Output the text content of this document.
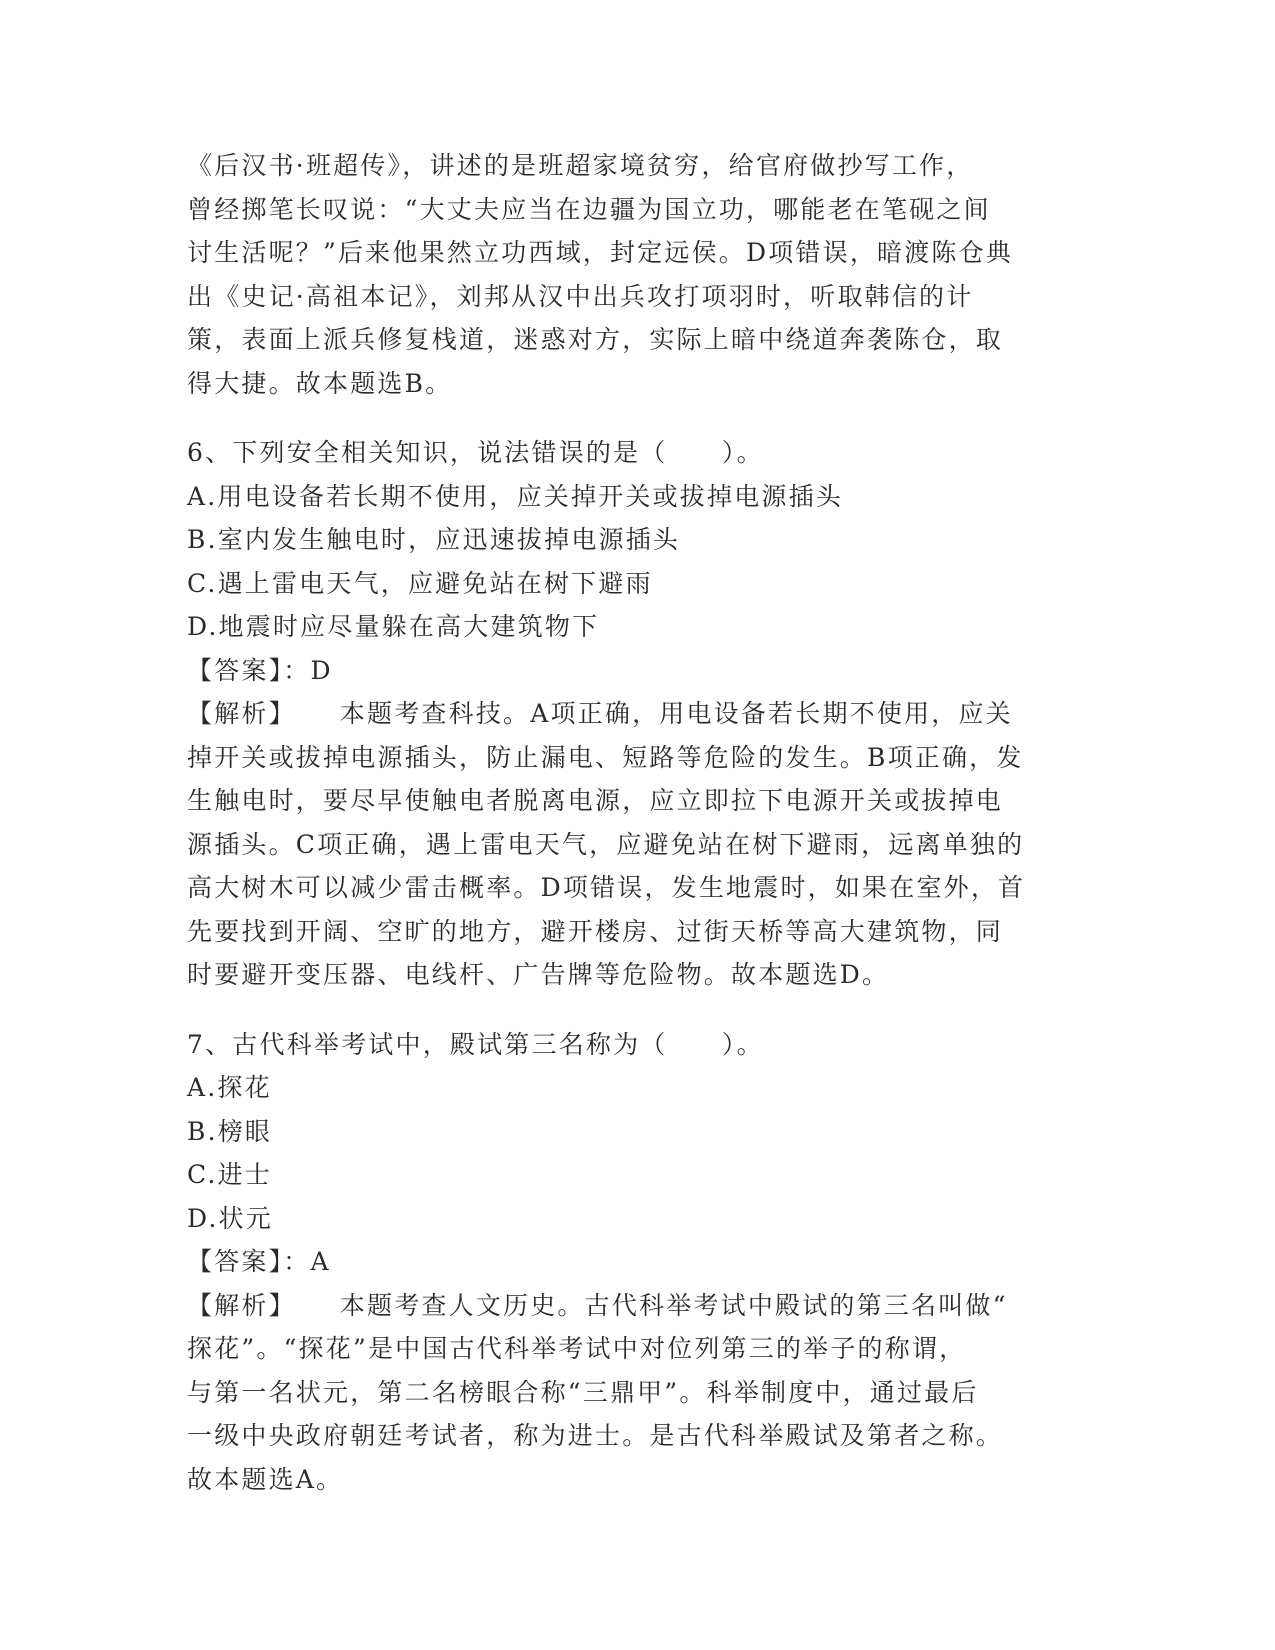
《后汉书·班超传》，讲述的是班超家境贫穷，给官府做抄写工作，
曾经掷笔长叹说：“大丈夫应当在边疆为国立功，哪能老在笔砚之间
讨生活呢？”后来他果然立功西域，封定远侯。D项错误，暗渡陈仓典
出《史记·高祖本记》，刘邦从汉中出兵攻打项羽时，听取韩信的计
策，表面上派兵修复栈道，迷惑对方，实际上暗中绕道奔袭陈仓，取
得大捷。故本题选B。
6、下列安全相关知识，说法错误的是（　　）。
A.用电设备若长期不使用，应关掉开关或拔掉电源插头
B.室内发生触电时，应迅速拔掉电源插头
C.遇上雷电天气，应避免站在树下避雨
D.地震时应尽量躲在高大建筑物下
【答案】：D
【解析】 本题考查科技。A项正确，用电设备若长期不使用，应关
掉开关或拔掉电源插头，防止漏电、短路等危险的发生。B项正确，发
生触电时，要尽早使触电者脱离电源，应立即拉下电源开关或拔掉电
源插头。C项正确，遇上雷电天气，应避免站在树下避雨，远离单独的
高大树木可以减少雷击概率。D项错误，发生地震时，如果在室外，首
先要找到开阔、空旷的地方，避开楼房、过街天桥等高大建筑物，同
时要避开变压器、电线杆、广告牌等危险物。故本题选D。
7、古代科举考试中，殿试第三名称为（　　）。
A.探花
B.榜眼
C.进士
D.状元
【答案】：A
【解析】 本题考查人文历史。古代科举考试中殿试的第三名叫做“
探花”。“探花”是中国古代科举考试中对位列第三的举子的称谓，
与第一名状元，第二名榜眼合称“三鼎甲”。科举制度中，通过最后
一级中央政府朝廷考试者，称为进士。是古代科举殿试及第者之称。
故本题选A。
